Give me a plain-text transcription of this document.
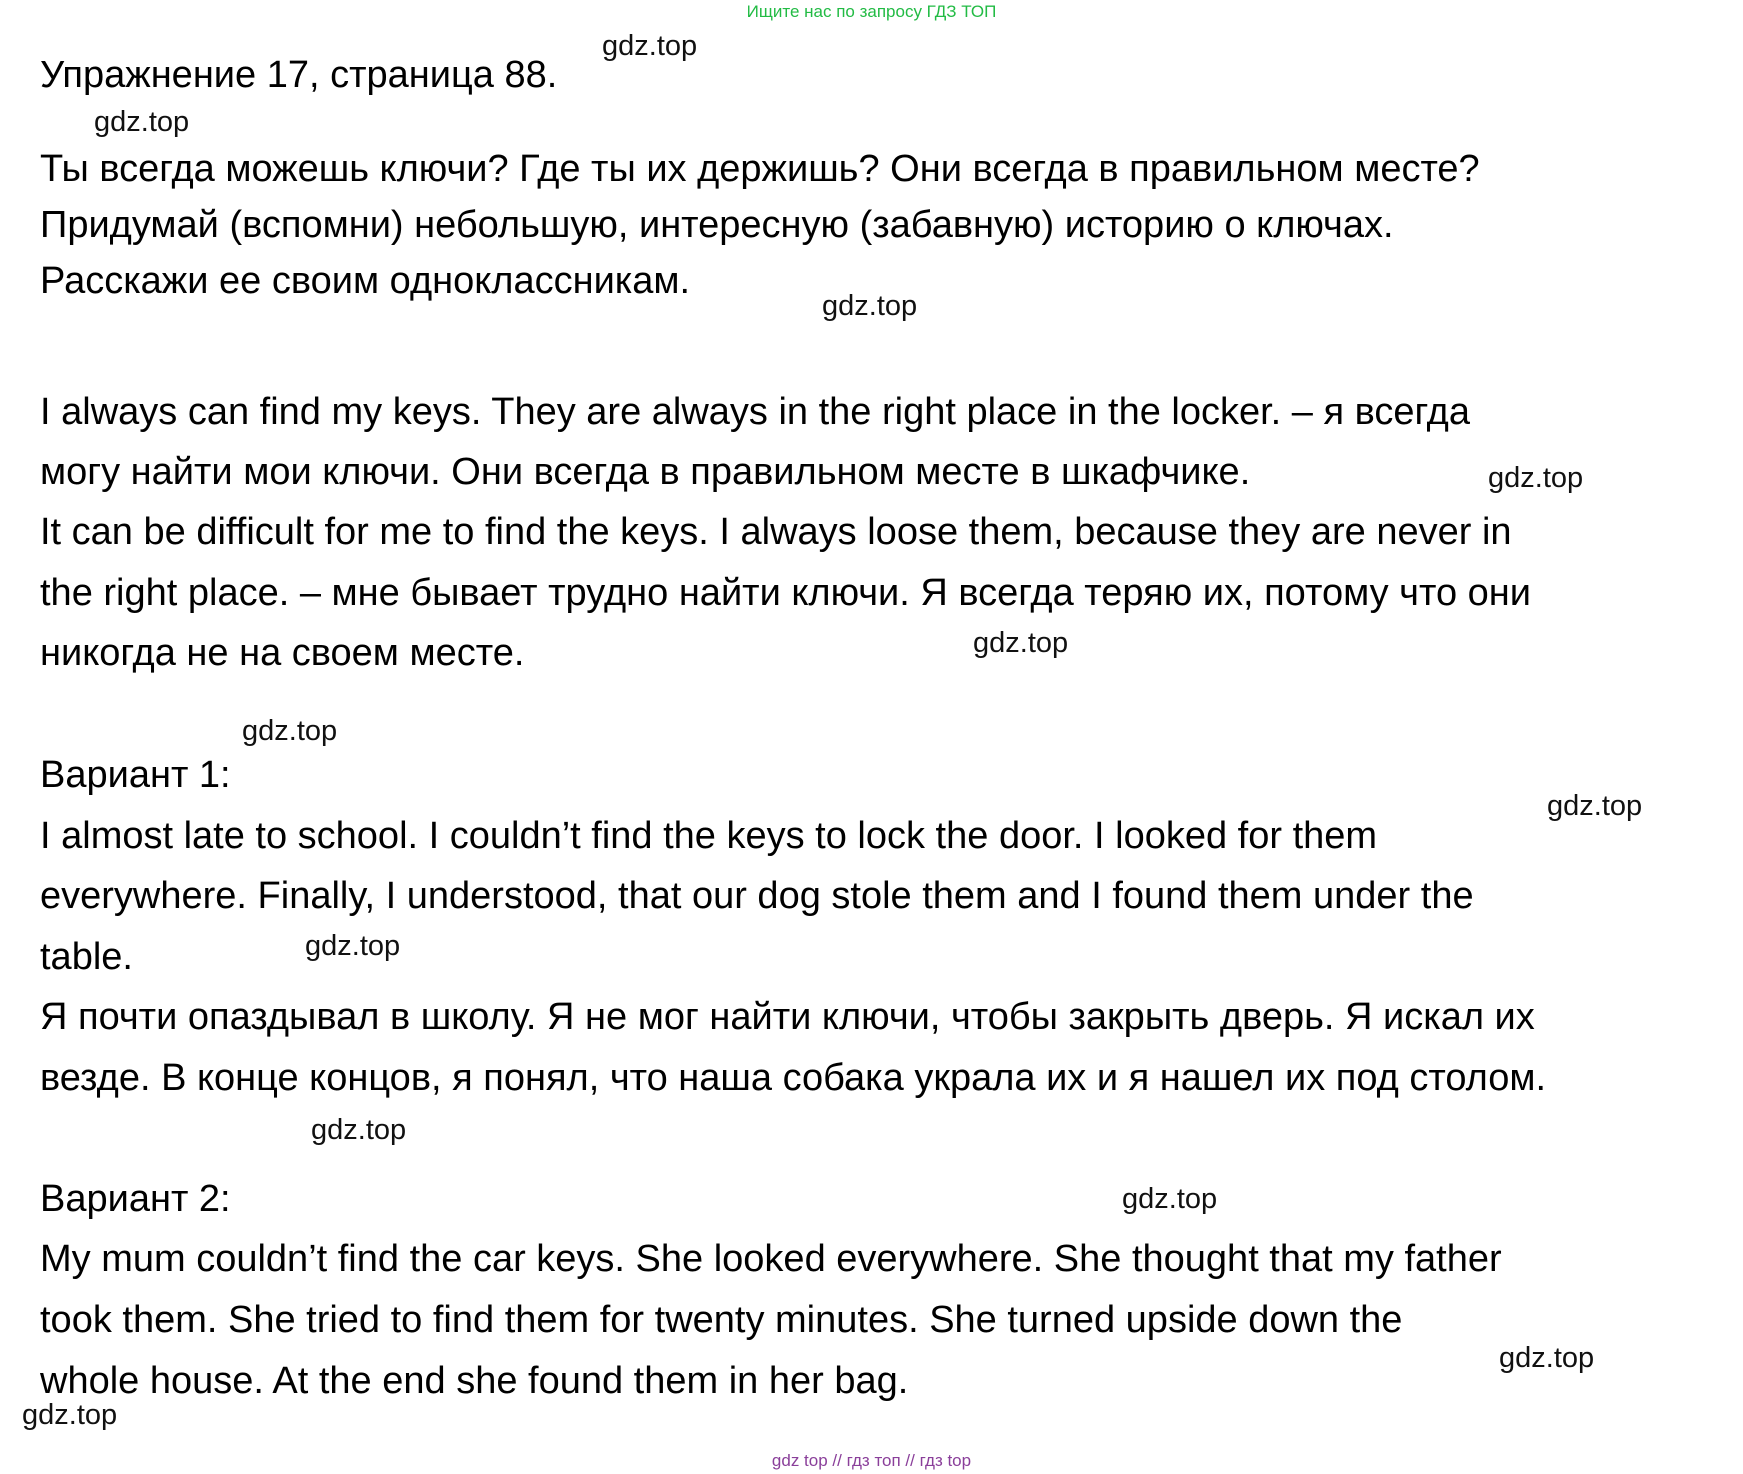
Ищите нас по запросу ГДЗ ТОП
Упражнение 17, страница 88.
Ты всегда можешь ключи? Где ты их держишь? Они всегда в правильном месте?
Придумай (вспомни) небольшую, интересную (забавную) историю о ключах.
Расскажи ее своим одноклассникам.
I always can find my keys. They are always in the right place in the locker. – я всегда
могу найти мои ключи. Они всегда в правильном месте в шкафчике.
It can be difficult for me to find the keys. I always loose them, because they are never in
the right place. – мне бывает трудно найти ключи. Я всегда теряю их, потому что они
никогда не на своем месте.
Вариант 1:
I almost late to school. I couldn’t find the keys to lock the door. I looked for them
everywhere. Finally, I understood, that our dog stole them and I found them under the
table.
Я почти опаздывал в школу. Я не мог найти ключи, чтобы закрыть дверь. Я искал их
везде. В конце концов, я понял, что наша собака украла их и я нашел их под столом.
Вариант 2:
My mum couldn’t find the car keys. She looked everywhere. She thought that my father
took them. She tried to find them for twenty minutes. She turned upside down the
whole house. At the end she found them in her bag.
gdz.top
gdz.top
gdz.top
gdz.top
gdz.top
gdz.top
gdz.top
gdz.top
gdz.top
gdz.top
gdz.top
gdz.top
gdz top // гдз топ // гдз top
